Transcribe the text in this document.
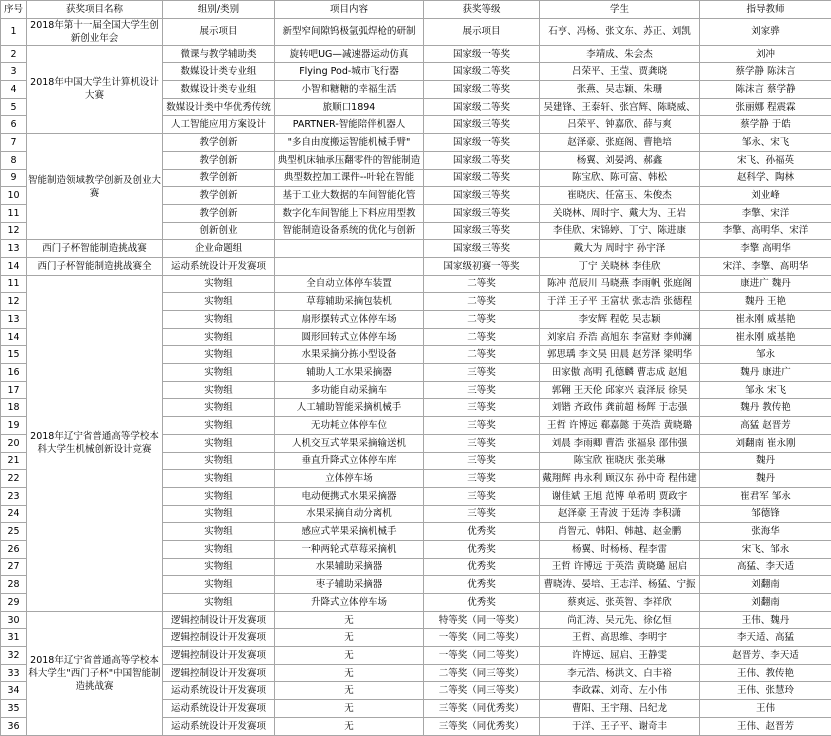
序号	获奖项目名称	组别/类别	项目内容	获奖等级	学生	指导教师
1	2018年第十一届全国大学生创新创业年会	展示项目	新型窄间隙钨极氩弧焊枪的研制	展示项目	石亨、冯杨、张文东、苏正、刘凯	刘家骅
2	2018年中国大学生计算机设计大赛	微课与教学辅助类	旋转吧UG—减速器运动仿真	国家级一等奖	李靖成、朱会杰	刘冲
3		数媒设计类专业组	Flying Pod-城市飞行器	国家级二等奖	吕荣平、王莹、贾龚晓	蔡学静 陈沫言
4		数媒设计类专业组	小智和糖糖的幸福生活	国家级二等奖	张燕、吴志颖、朱珊	陈沫言 蔡学静
5		数媒设计类中华优秀传统	旅顺口1894	国家级二等奖	吴建锋、王泰轩、张宫辉、陈晓威、	张丽娜 程震霖
6		人工智能应用方案设计	PARTNER-智能陪伴机器人	国家级三等奖	吕荣平、钟嘉欣、薛与爽	蔡学静 于皓
7	智能制造领域教学创新及创业大赛	教学创新	"多自由度搬运智能机械手臂"	国家级一等奖	赵泽豪、张庭阁、曹艳培	邹永、宋飞
8		教学创新	典型机床轴承压翻零件的智能制造	国家级二等奖	杨翼、刘晏鸿、郝鑫	宋飞、孙福英
9		教学创新	典型数控加工课件--叶轮在智能	国家级二等奖	陈宝欣、陈可富、韩松	赵科学、陶林
10		教学创新	基于工业大数据的车间智能化管	国家级三等奖	崔晓庆、任富玉、朱俊杰	刘业峰
11		教学创新	数字化车间智能上下料应用型教	国家级三等奖	关晓林、周时宇、戴大为、王岩	李擎、宋洋
12		创新创业	智能制造设备系统的优化与创新	国家级三等奖	李佳欣、宋锦婷、丁宁、陈进康	李擎、高明华、宋洋
13	西门子杯智能制造挑战赛	企业命题组		国家级三等奖	戴大为 周时宇 孙宇泽	李擎 高明华
14	西门子杯智能制造挑战赛全	运动系统设计开发赛项		国家级初赛一等奖	丁宁 关晓林 李佳欣	宋洋、李擎、高明华
11	2018年辽宁省普通高等学校本科大学生机械创新设计竞赛	实物组	全自动立体停车装置	二等奖	陈冲 范辰川 马晓燕 李雨帆 张庭阁	康进广 魏丹
12		实物组	草莓辅助采摘包装机	二等奖	于洋 王子平 王富状 张志浩 张德程	魏丹 王艳
13		实物组	扇形摆转式立体停车场	二等奖	李安辉 程乾 吴志颖	崔永刚 威基艳
14		实物组	圆形回转式立体停车场	二等奖	刘家启 乔浩 高旭东 李富财 李帅澜	崔永刚 威基艳
15		实物组	水果采摘分拣小型设备	二等奖	郭思瑀 李文昊 田晨 赵芳泽 梁明华	邹永
16		实物组	辅助人工水果采摘器	三等奖	田家傲 高明 孔德麟 曹志成 赵旭	魏丹 康进广
17		实物组	多功能自动采摘车	三等奖	郭翱 王天伦 邱家兴 袁泽辰 徐昊	邹永 宋飞
18		实物组	人工辅助智能采摘机械手	三等奖	刘锴 齐政伟 龚前超 杨辉 于志强	魏丹 教传艳
19		实物组	无功耗立体停车位	三等奖	王哲 许博远 郗嘉懿 于英浩 黄晓璐	高猛 赵晋芳
20		实物组	人机交互式苹果采摘输送机	三等奖	刘晨 李雨卿 曹浩 张福泉 邵伟强	刘翻南 崔永刚
21		实物组	垂直升降式立体停车库	三等奖	陈宝欣 崔晓庆 张美琳	魏丹
22		实物组	立体停车场	三等奖	戴翔辉 冉永利 顾汉东 孙中奇 程伟建	魏丹
23		实物组	电动便携式水果采摘器	三等奖	谢佳斌 王旭 范博 单希明 贾政宇	崔君军 邹永
24		实物组	水果采摘自动分离机	三等奖	赵泽豪 王青波 于廷涛 李积潇	邹德锋
25		实物组	感应式苹果采摘机械手	优秀奖	肖智元、韩阳、韩越、赵金鹏	张海华
26		实物组	一种两轮式草莓采摘机	优秀奖	杨翼、时杨杨、程李雷	宋飞、邹永
27		实物组	水果辅助采摘器	优秀奖	王哲 许博远 于英浩 黄晓璐 屈启	高猛、李天适
28		实物组	枣子辅助采摘器	优秀奖	曹晓涛、晏培、王志洋、杨猛、宁振	刘翻南
29		实物组	升降式立体停车场	优秀奖	蔡爽远、张英智、李祥欣	刘翻南
30	2018年辽宁省普通高等学校本科大学生"西门子杯"中国智能制造挑战赛	逻辑控制设计开发赛项	无	特等奖（同一等奖）	尚汇涛、吴元先、徐亿恒	王伟、魏丹
31		逻辑控制设计开发赛项	无	一等奖（同二等奖）	王哲、高思维、李明宇	李天适、高猛
32		逻辑控制设计开发赛项	无	一等奖（同二等奖）	许博远、屈启、王静雯	赵晋芳、李天适
33		逻辑控制设计开发赛项	无	二等奖（同三等奖）	李元浩、杨洪文、白丰裕	王伟、教传艳
34		运动系统设计开发赛项	无	二等奖（同三等奖）	李政霖、刘奇、左小伟	王伟、张慧玲
35		运动系统设计开发赛项	无	三等奖（同优秀奖）	曹阳、王宇翔、吕纪龙	王伟
36		运动系统设计开发赛项	无	三等奖（同优秀奖）	于洋、王子平、谢奇丰	王伟、赵晋芳
